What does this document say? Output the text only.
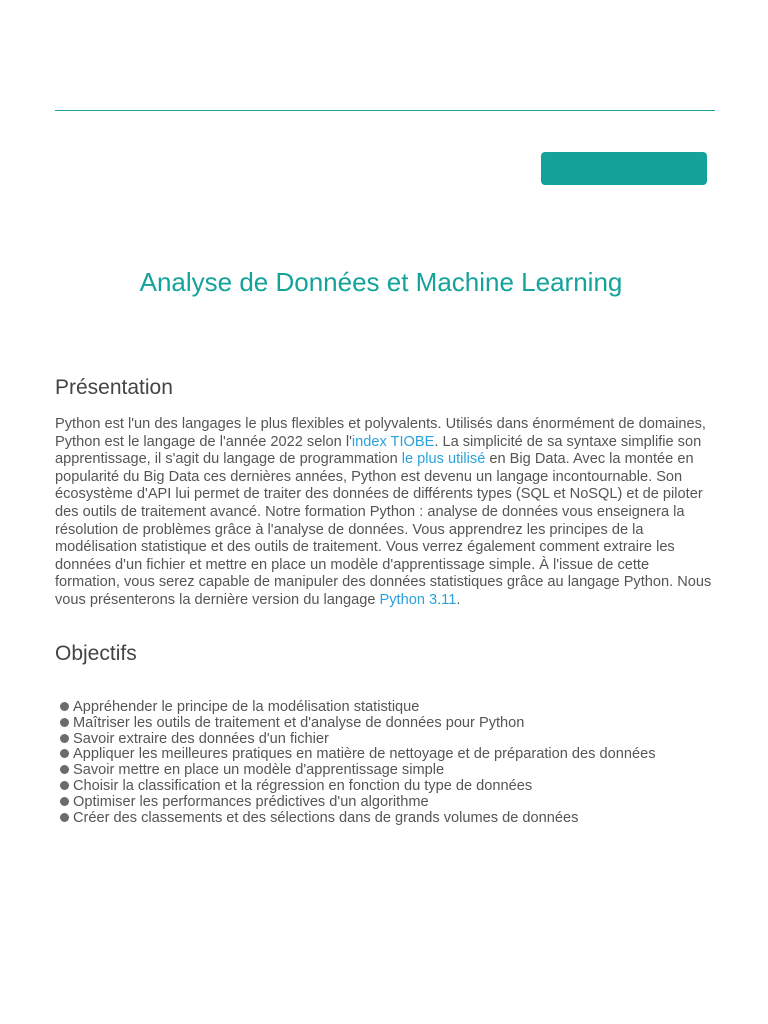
Analyse de Données et Machine Learning
Présentation

Python est l'un des langages le plus flexibles et polyvalents. Utilisés dans énormément de domaines, Python est le langage de l'année 2022 selon l'index TIOBE. La simplicité de sa syntaxe simplifie son apprentissage, il s'agit du langage de programmation le plus utilisé en Big Data. Avec la montée en popularité du Big Data ces dernières années, Python est devenu un langage incontournable. Son écosystème d'API lui permet de traiter des données de différents types (SQL et NoSQL) et de piloter des outils de traitement avancé. Notre formation Python : analyse de données vous enseignera la résolution de problèmes grâce à l'analyse de données. Vous apprendrez les principes de la modélisation statistique et des outils de traitement. Vous verrez également comment extraire les données d'un fichier et mettre en place un modèle d'apprentissage simple. À l'issue de cette formation, vous serez capable de manipuler des données statistiques grâce au langage Python. Nous vous présenterons la dernière version du langage Python 3.11.

Objectifs
Appréhender le principe de la modélisation statistique
Maîtriser les outils de traitement et d'analyse de données pour Python
Savoir extraire des données d'un fichier
Appliquer les meilleures pratiques en matière de nettoyage et de préparation des données
Savoir mettre en place un modèle d'apprentissage simple
Choisir la classification et la régression en fonction du type de données
Optimiser les performances prédictives d'un algorithme
Créer des classements et des sélections dans de grands volumes de données
